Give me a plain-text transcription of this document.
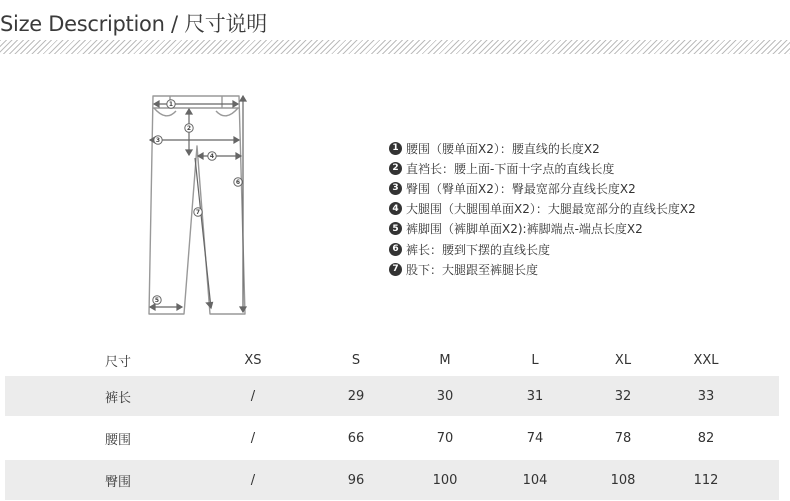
Size Description / 尺寸说明
1
2
3
4
5
6
7
1 腰围（腰单面X2）：腰直线的长度X2
2 直裆长：腰上面-下面十字点的直线长度
3 臀围（臀单面X2）：臀最宽部分直线长度X2
4 大腿围（大腿围单面X2）：大腿最宽部分的直线长度X2
5 裤脚围（裤脚单面X2):裤脚端点-端点长度X2
6 裤长：腰到下摆的直线长度
7 股下：大腿跟至裤腿长度
尺寸	XS	S	M	L	XL	XXL
裤长	/	29	30	31	32	33
腰围	/	66	70	74	78	82
臀围	/	96	100	104	108	112
